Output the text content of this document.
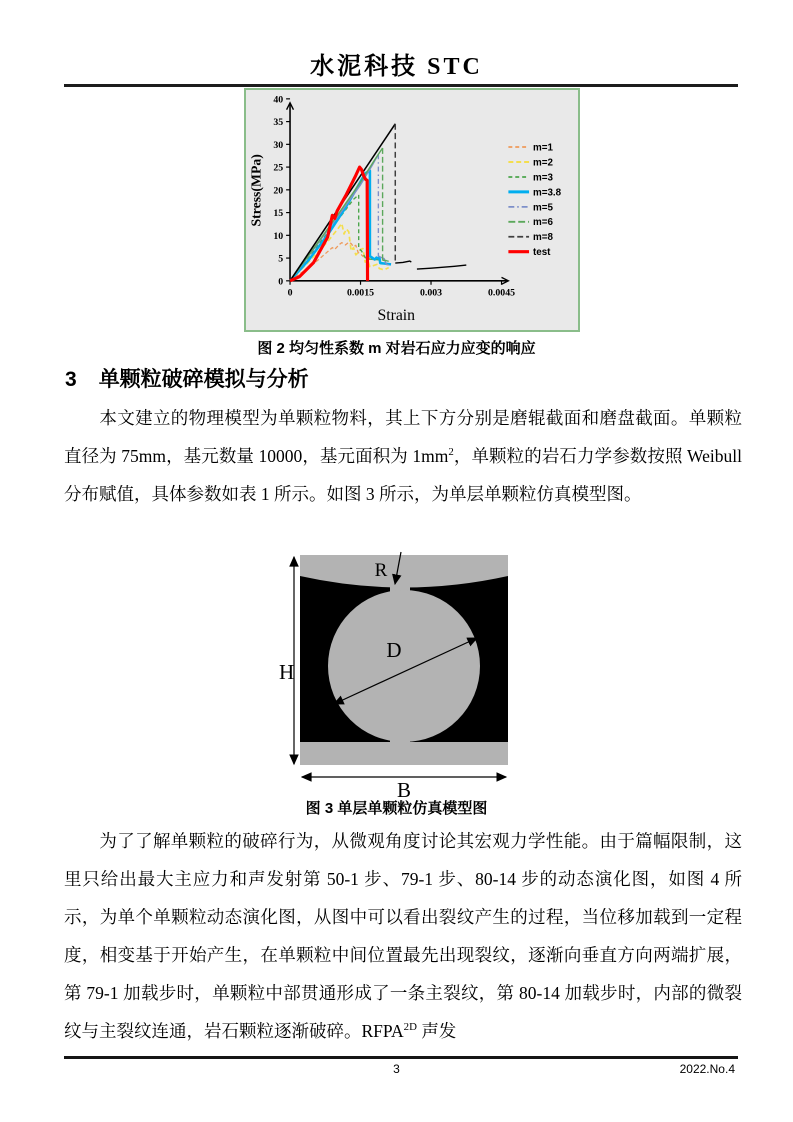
水泥科技 STC
0
5
10
15
20
25
30
35
40
0	0.0015	0.003	0.0045
Stress(MPa)
Strain
m=1
m=2
m=3
m=3.8
m=5
m=6
m=8
test
图 2 均匀性系数 m 对岩石应力应变的响应
3 单颗粒破碎模拟与分析

本文建立的物理模型为单颗粒物料，其上下方分别是磨辊截面和磨盘截面。单颗粒直径为 75mm，基元数量 10000，基元面积为 $1mm^2$，单颗粒的岩石力学参数按照 Weibull 分布赋值，具体参数如表 1 所示。如图 3 所示，为单层单颗粒仿真模型图。

H
B
D
R
图 3 单层单颗粒仿真模型图

为了了解单颗粒的破碎行为，从微观角度讨论其宏观力学性能。由于篇幅限制，这里只给出最大主应力和声发射第 50-1 步、79-1 步、80-14 步的动态演化图，如图 4 所示，为单个单颗粒动态演化图，从图中可以看出裂纹产生的过程，当位移加载到一定程度，相变基于开始产生，在单颗粒中间位置最先出现裂纹，逐渐向垂直方向两端扩展，第 79-1 加载步时，单颗粒中部贯通形成了一条主裂纹，第 80-14 加载步时，内部的微裂纹与主裂纹连通，岩石颗粒逐渐破碎。$RFPA^{2D}$ 声发

3	2022.No.4
